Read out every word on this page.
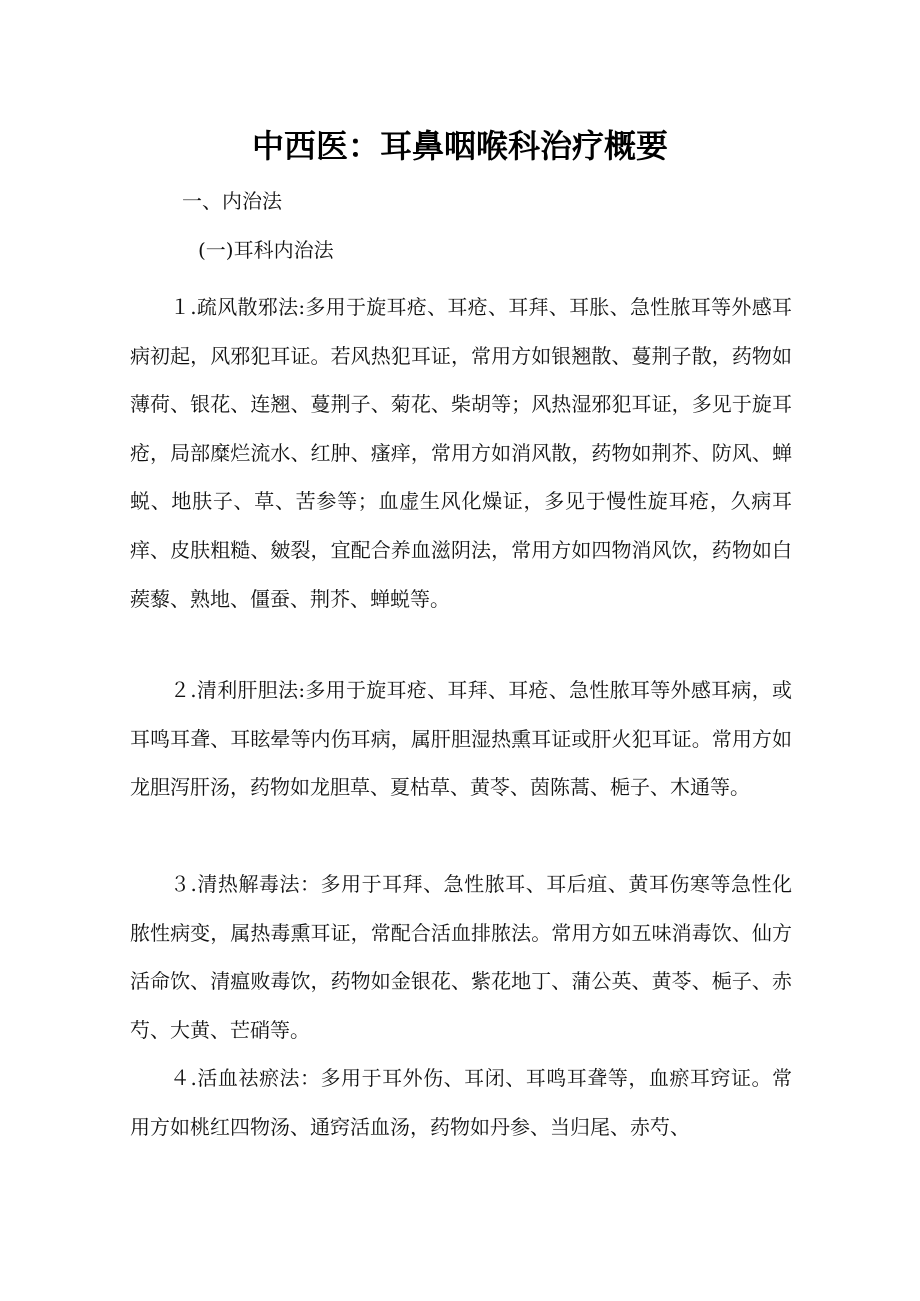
中西医：耳鼻咽喉科治疗概要
一、内治法
(一)耳科内治法
１.疏风散邪法:多用于旋耳疮、耳疮、耳拜、耳胀、急性脓耳等外感耳病初起，风邪犯耳证。若风热犯耳证，常用方如银翘散、蔓荆子散，药物如薄荷、银花、连翘、蔓荆子、菊花、柴胡等；风热湿邪犯耳证，多见于旋耳疮，局部糜烂流水、红肿、瘙痒，常用方如消风散，药物如荆芥、防风、蝉蜕、地肤子、草、苦参等；血虚生风化燥证，多见于慢性旋耳疮，久病耳痒、皮肤粗糙、皴裂，宜配合养血滋阴法，常用方如四物消风饮，药物如白蒺藜、熟地、僵蚕、荆芥、蝉蜕等。
２.清利肝胆法:多用于旋耳疮、耳拜、耳疮、急性脓耳等外感耳病，或耳鸣耳聋、耳眩晕等内伤耳病，属肝胆湿热熏耳证或肝火犯耳证。常用方如龙胆泻肝汤，药物如龙胆草、夏枯草、黄苓、茵陈蒿、梔子、木通等。
３.清热解毒法：多用于耳拜、急性脓耳、耳后疽、黄耳伤寒等急性化脓性病变，属热毒熏耳证，常配合活血排脓法。常用方如五味消毒饮、仙方活命饮、清瘟败毒饮，药物如金银花、紫花地丁、蒲公英、黄苓、梔子、赤芍、大黄、芒硝等。
４.活血祛瘀法：多用于耳外伤、耳闭、耳鸣耳聋等，血瘀耳窍证。常用方如桃红四物汤、通窍活血汤，药物如丹参、当归尾、赤芍、
